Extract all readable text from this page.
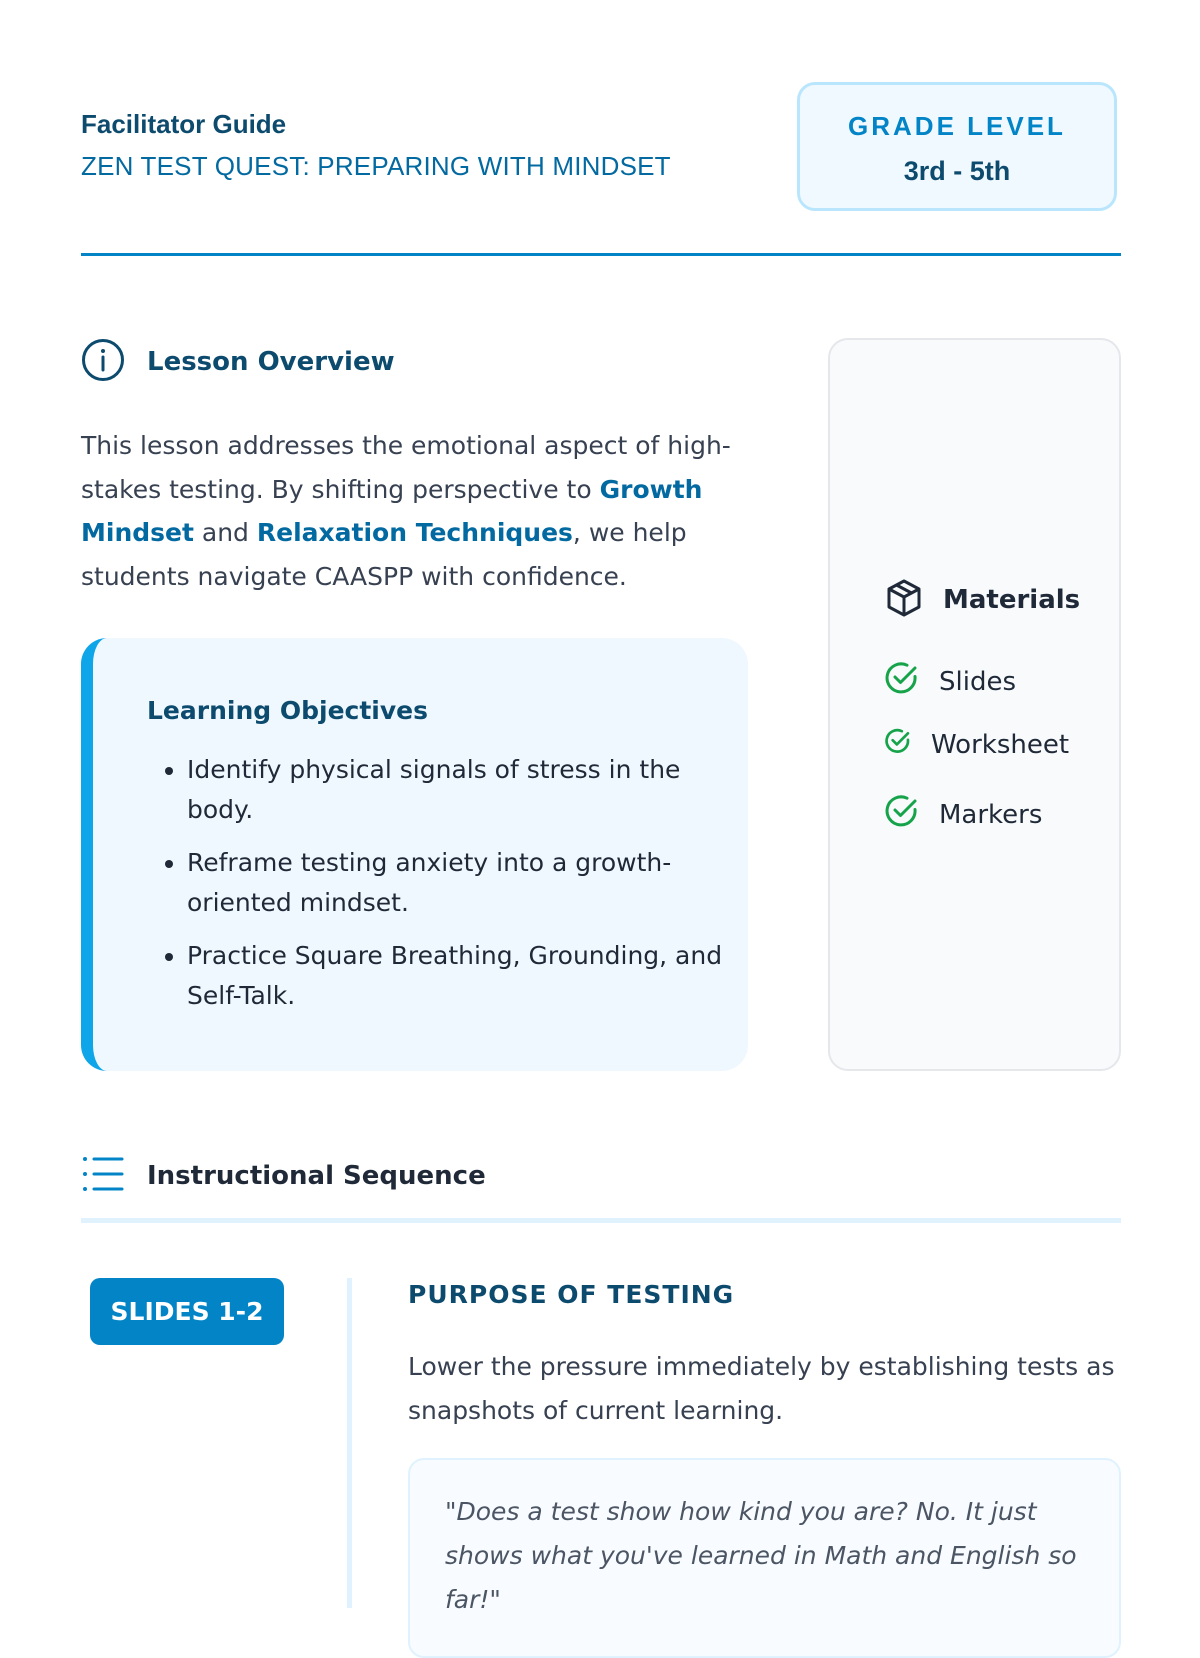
Facilitator Guide
ZEN TEST QUEST: PREPARING WITH MINDSET
GRADE LEVEL
3rd - 5th
Lesson Overview
This lesson addresses the emotional aspect of high-stakes testing. By shifting perspective to Growth Mindset and Relaxation Techniques, we help students navigate CAASPP with confidence.
Learning Objectives
• Identify physical signals of stress in the body.
• Reframe testing anxiety into a growth-oriented mindset.
• Practice Square Breathing, Grounding, and Self-Talk.
Materials
Slides
Worksheet
Markers
Instructional Sequence
SLIDES 1-2
PURPOSE OF TESTING
Lower the pressure immediately by establishing tests as snapshots of current learning.
"Does a test show how kind you are? No. It just shows what you've learned in Math and English so far!"
